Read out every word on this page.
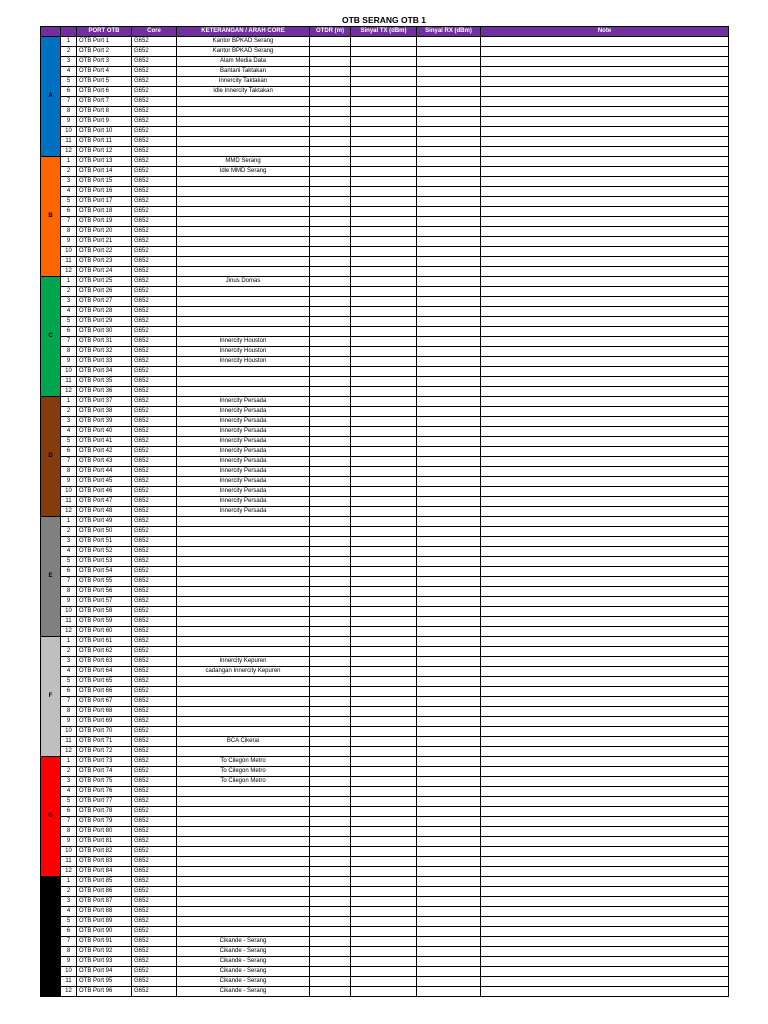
OTB SERANG OTB 1
		PORT OTB	Core	KETERANGAN / ARAH CORE	OTDR (m)	Sinyal TX (dBm)	Sinyal RX (dBm)	Note
A	1	OTB Port 1	G652	Kantor BPKAD Serang				
	2	OTB Port 2	G652	Kantor BPKAD Serang				
	3	OTB Port 3	G652	Alam Media Data				
	4	OTB Port 4	G652	Bantani Taktakan				
	5	OTB Port 5	G652	Innercity Taktakan				
	6	OTB Port 6	G652	Idle Innercity Taktakan				
	7	OTB Port 7	G652					
	8	OTB Port 8	G652					
	9	OTB Port 9	G652					
	10	OTB Port 10	G652					
	11	OTB Port 11	G652					
	12	OTB Port 12	G652					
B	1	OTB Port 13	G652	MMD Serang				
	2	OTB Port 14	G652	Idle MMD Serang				
	3	OTB Port 15	G652					
	4	OTB Port 16	G652					
	5	OTB Port 17	G652					
	6	OTB Port 18	G652					
	7	OTB Port 19	G652					
	8	OTB Port 20	G652					
	9	OTB Port 21	G652					
	10	OTB Port 22	G652					
	11	OTB Port 23	G652					
	12	OTB Port 24	G652					
C	1	OTB Port 25	G652	Jinus Domas				
	2	OTB Port 26	G652					
	3	OTB Port 27	G652					
	4	OTB Port 28	G652					
	5	OTB Port 29	G652					
	6	OTB Port 30	G652					
	7	OTB Port 31	G652	Innercity Houston				
	8	OTB Port 32	G652	Innercity Houston				
	9	OTB Port 33	G652	Innercity Houston				
	10	OTB Port 34	G652					
	11	OTB Port 35	G652					
	12	OTB Port 36	G652					
D	1	OTB Port 37	G652	Innercity Persada				
	2	OTB Port 38	G652	Innercity Persada				
	3	OTB Port 39	G652	Innercity Persada				
	4	OTB Port 40	G652	Innercity Persada				
	5	OTB Port 41	G652	Innercity Persada				
	6	OTB Port 42	G652	Innercity Persada				
	7	OTB Port 43	G652	Innercity Persada				
	8	OTB Port 44	G652	Innercity Persada				
	9	OTB Port 45	G652	Innercity Persada				
	10	OTB Port 46	G652	Innercity Persada				
	11	OTB Port 47	G652	Innercity Persada				
	12	OTB Port 48	G652	Innercity Persada				
E	1	OTB Port 49	G652					
	2	OTB Port 50	G652					
	3	OTB Port 51	G652					
	4	OTB Port 52	G652					
	5	OTB Port 53	G652					
	6	OTB Port 54	G652					
	7	OTB Port 55	G652					
	8	OTB Port 56	G652					
	9	OTB Port 57	G652					
	10	OTB Port 58	G652					
	11	OTB Port 59	G652					
	12	OTB Port 60	G652					
F	1	OTB Port 61	G652					
	2	OTB Port 62	G652					
	3	OTB Port 63	G652	Innercity Kepuren				
	4	OTB Port 64	G652	cadangan Innercity Kepuren				
	5	OTB Port 65	G652					
	6	OTB Port 66	G652					
	7	OTB Port 67	G652					
	8	OTB Port 68	G652					
	9	OTB Port 69	G652					
	10	OTB Port 70	G652					
	11	OTB Port 71	G652	BCA Cikerai				
	12	OTB Port 72	G652					
G	1	OTB Port 73	G652	To Cilegon Metro				
	2	OTB Port 74	G652	To Cilegon Metro				
	3	OTB Port 75	G652	To Cilegon Metro				
	4	OTB Port 76	G652					
	5	OTB Port 77	G652					
	6	OTB Port 78	G652					
	7	OTB Port 79	G652					
	8	OTB Port 80	G652					
	9	OTB Port 81	G652					
	10	OTB Port 82	G652					
	11	OTB Port 83	G652					
	12	OTB Port 84	G652					
H	1	OTB Port 85	G652					
	2	OTB Port 86	G652					
	3	OTB Port 87	G652					
	4	OTB Port 88	G652					
	5	OTB Port 89	G652					
	6	OTB Port 90	G652					
	7	OTB Port 91	G652	Cikande - Serang				
	8	OTB Port 92	G652	Cikande - Serang				
	9	OTB Port 93	G652	Cikande - Serang				
	10	OTB Port 94	G652	Cikande - Serang				
	11	OTB Port 95	G652	Cikande - Serang				
	12	OTB Port 96	G652	Cikande - Serang				
